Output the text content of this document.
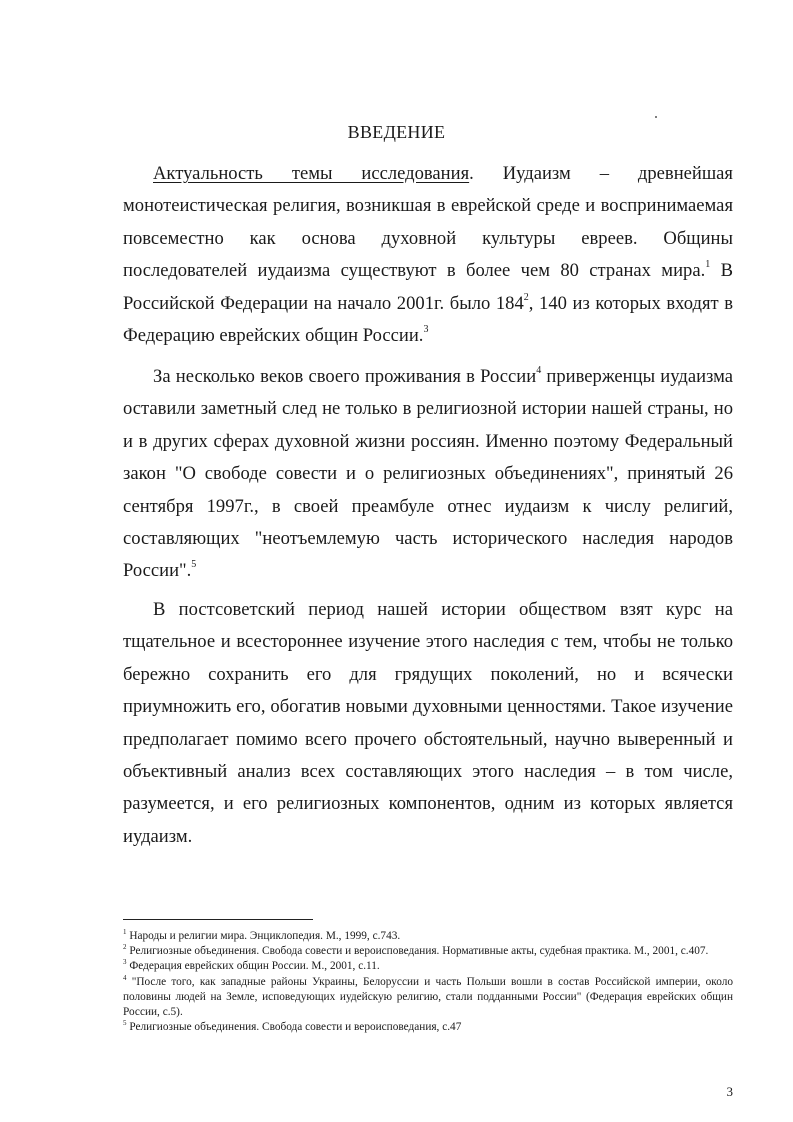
ВВЕДЕНИЕ

Актуальность темы исследования. Иудаизм – древнейшая монотеистическая религия, возникшая в еврейской среде и воспринимаемая повсеместно как основа духовной культуры евреев. Общины последователей иудаизма существуют в более чем 80 странах мира.$^1$ В Российской Федерации на начало 2001г. было $184^2$, 140 из которых входят в Федерацию еврейских общин России.$^3$

За несколько веков своего проживания в России$^4$ приверженцы иудаизма оставили заметный след не только в религиозной истории нашей страны, но и в других сферах духовной жизни россиян. Именно поэтому Федеральный закон "О свободе совести и о религиозных объединениях", принятый 26 сентября 1997г., в своей преамбуле отнес иудаизм к числу религий, составляющих "неотъемлемую часть исторического наследия народов России".$^5$

В постсоветский период нашей истории обществом взят курс на тщательное и всестороннее изучение этого наследия с тем, чтобы не только бережно сохранить его для грядущих поколений, но и всячески приумножить его, обогатив новыми духовными ценностями. Такое изучение предполагает помимо всего прочего обстоятельный, научно выверенный и объективный анализ всех составляющих этого наследия – в том числе, разумеется, и его религиозных компонентов, одним из которых является иудаизм.

$^1$ Народы и религии мира. Энциклопедия. М., 1999, с.743.

$^2$ Религиозные объединения. Свобода совести и вероисповедания. Нормативные акты, судебная практика. М., 2001, с.407.

$^3$ Федерация еврейских общин России. М., 2001, с.11.

$^4$ "После того, как западные районы Украины, Белоруссии и часть Польши вошли в состав Российской империи, около половины людей на Земле, исповедующих иудейскую религию, стали подданными России" (Федерация еврейских общин России, с.5).

$^5$ Религиозные объединения. Свобода совести и вероисповедания, с.47

3
